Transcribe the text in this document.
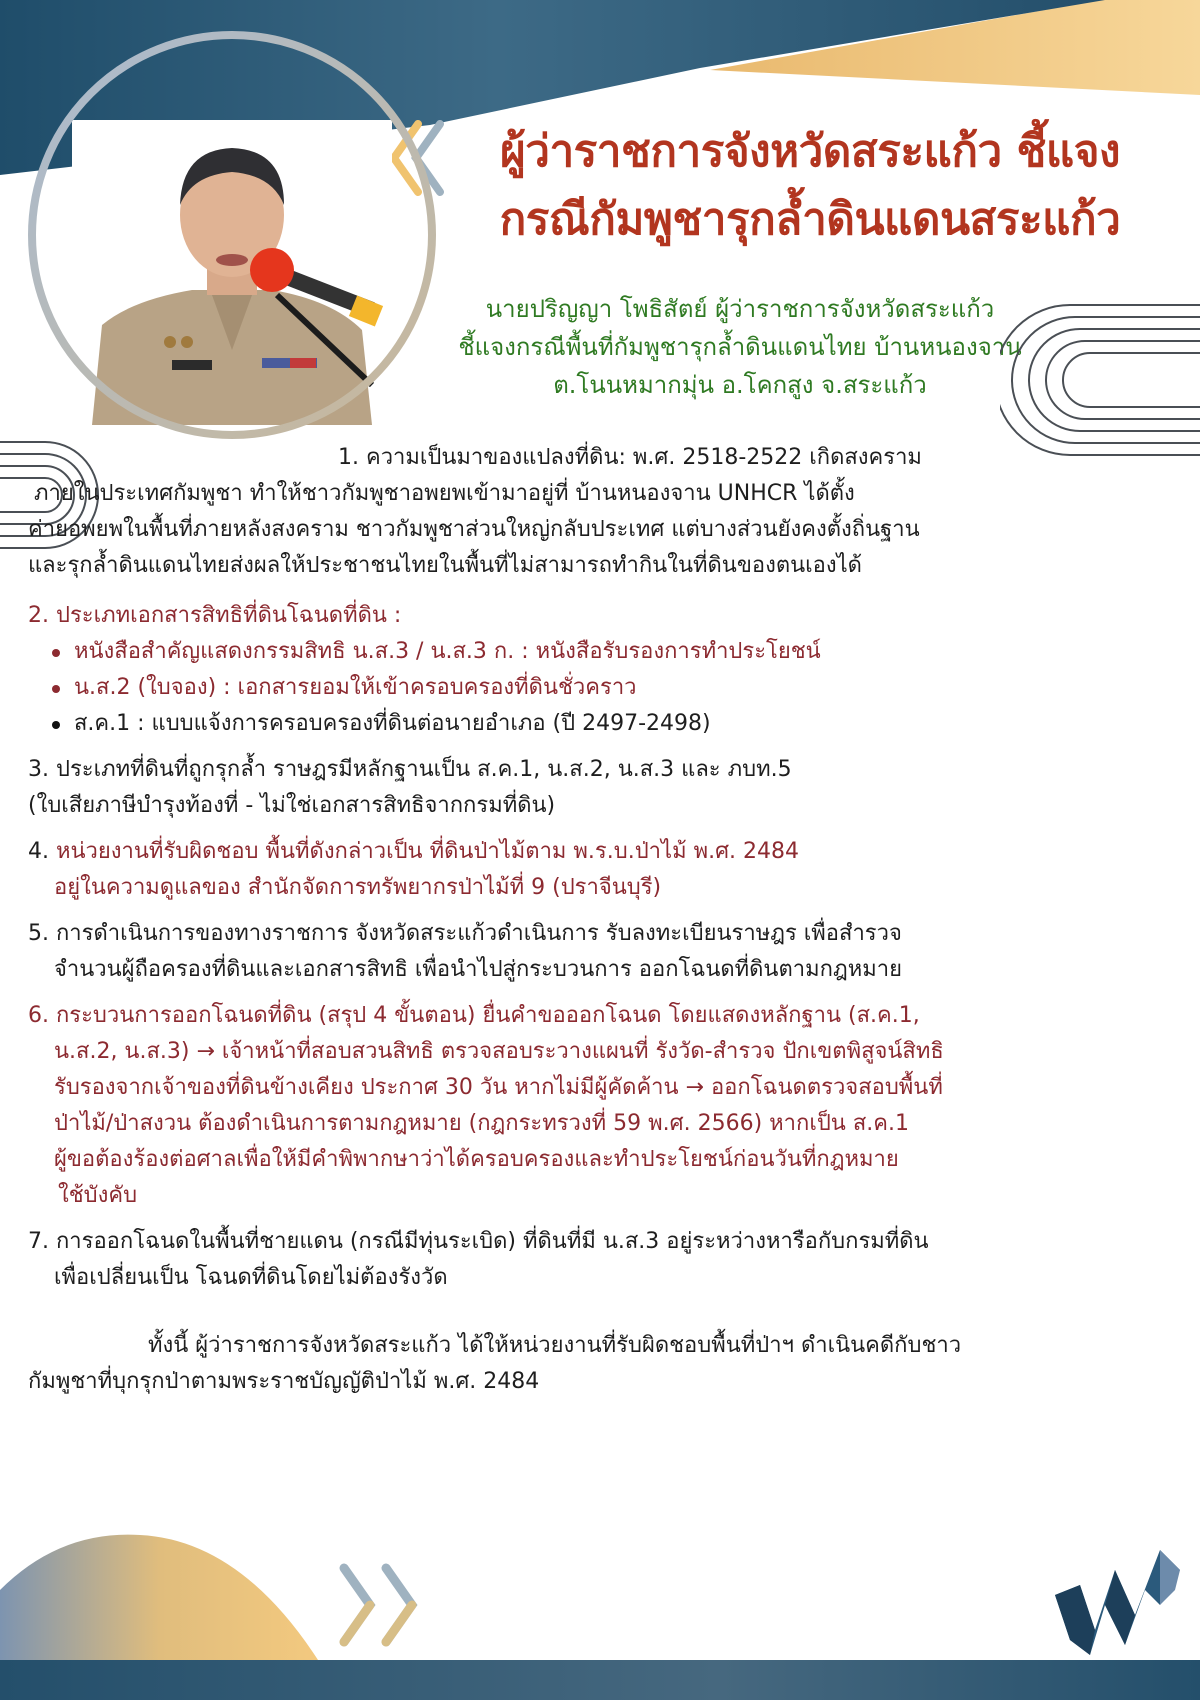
ผู้ว่าราชการจังหวัดสระแก้ว ชี้แจง
กรณีกัมพูชารุกล้ำดินแดนสระแก้ว
นายปริญญา โพธิสัตย์ ผู้ว่าราชการจังหวัดสระแก้ว
ชี้แจงกรณีพื้นที่กัมพูชารุกล้ำดินแดนไทย บ้านหนองจาน
ต.โนนหมากมุ่น อ.โคกสูง จ.สระแก้ว
1. ความเป็นมาของแปลงที่ดิน: พ.ศ. 2518-2522 เกิดสงคราม
ภายในประเทศกัมพูชา ทำให้ชาวกัมพูชาอพยพเข้ามาอยู่ที่ บ้านหนองจาน UNHCR ได้ตั้ง
ค่ายอพยพในพื้นที่ภายหลังสงคราม ชาวกัมพูชาส่วนใหญ่กลับประเทศ แต่บางส่วนยังคงตั้งถิ่นฐาน
และรุกล้ำดินแดนไทยส่งผลให้ประชาชนไทยในพื้นที่ไม่สามารถทำกินในที่ดินของตนเองได้
2. ประเภทเอกสารสิทธิที่ดินโฉนดที่ดิน :
หนังสือสำคัญแสดงกรรมสิทธิ น.ส.3 / น.ส.3 ก. : หนังสือรับรองการทำประโยชน์
น.ส.2 (ใบจอง) : เอกสารยอมให้เข้าครอบครองที่ดินชั่วคราว
ส.ค.1 : แบบแจ้งการครอบครองที่ดินต่อนายอำเภอ (ปี 2497-2498)
3. ประเภทที่ดินที่ถูกรุกล้ำ ราษฎรมีหลักฐานเป็น ส.ค.1, น.ส.2, น.ส.3 และ ภบท.5
(ใบเสียภาษีบำรุงท้องที่ - ไม่ใช่เอกสารสิทธิจากกรมที่ดิน)
4. หน่วยงานที่รับผิดชอบ พื้นที่ดังกล่าวเป็น ที่ดินป่าไม้ตาม พ.ร.บ.ป่าไม้ พ.ศ. 2484
อยู่ในความดูแลของ สำนักจัดการทรัพยากรป่าไม้ที่ 9 (ปราจีนบุรี)
5. การดำเนินการของทางราชการ จังหวัดสระแก้วดำเนินการ รับลงทะเบียนราษฎร เพื่อสำรวจ
จำนวนผู้ถือครองที่ดินและเอกสารสิทธิ เพื่อนำไปสู่กระบวนการ ออกโฉนดที่ดินตามกฎหมาย
6. กระบวนการออกโฉนดที่ดิน (สรุป 4 ขั้นตอน) ยื่นคำขอออกโฉนด โดยแสดงหลักฐาน (ส.ค.1,
น.ส.2, น.ส.3) → เจ้าหน้าที่สอบสวนสิทธิ ตรวจสอบระวางแผนที่ รังวัด-สำรวจ ปักเขตพิสูจน์สิทธิ
รับรองจากเจ้าของที่ดินข้างเคียง ประกาศ 30 วัน หากไม่มีผู้คัดค้าน → ออกโฉนดตรวจสอบพื้นที่
ป่าไม้/ป่าสงวน ต้องดำเนินการตามกฎหมาย (กฎกระทรวงที่ 59 พ.ศ. 2566) หากเป็น ส.ค.1
ผู้ขอต้องร้องต่อศาลเพื่อให้มีคำพิพากษาว่าได้ครอบครองและทำประโยชน์ก่อนวันที่กฎหมาย
ใช้บังคับ
7. การออกโฉนดในพื้นที่ชายแดน (กรณีมีทุ่นระเบิด) ที่ดินที่มี น.ส.3 อยู่ระหว่างหารือกับกรมที่ดิน
เพื่อเปลี่ยนเป็น โฉนดที่ดินโดยไม่ต้องรังวัด
ทั้งนี้ ผู้ว่าราชการจังหวัดสระแก้ว ได้ให้หน่วยงานที่รับผิดชอบพื้นที่ป่าฯ ดำเนินคดีกับชาว
กัมพูชาที่บุกรุกป่าตามพระราชบัญญัติป่าไม้ พ.ศ. 2484
